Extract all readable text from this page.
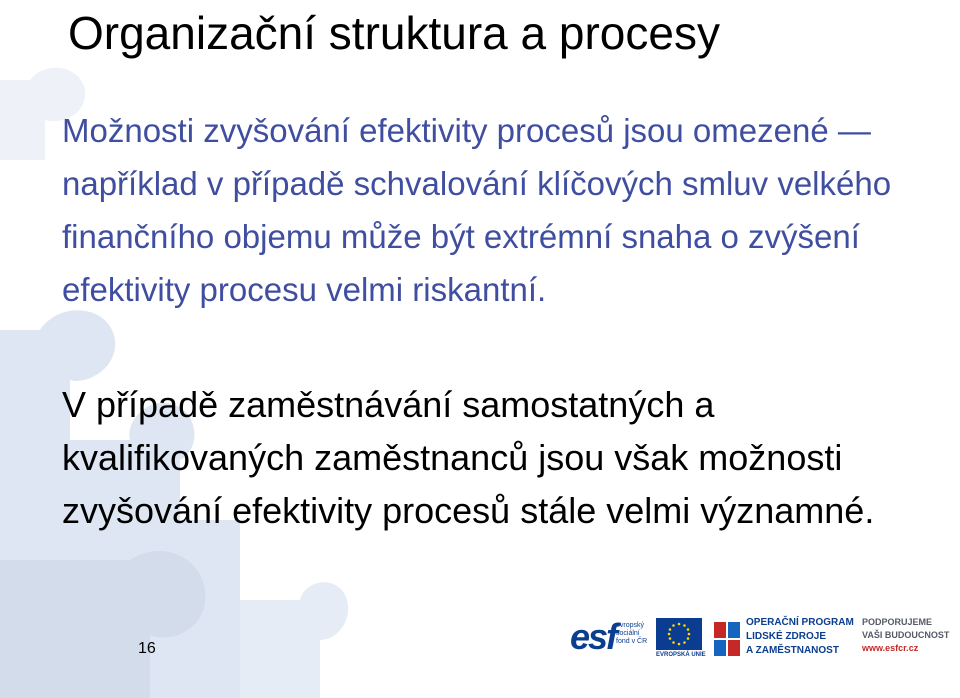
Organizační struktura a procesy

Možnosti zvyšování efektivity procesů jsou omezené — například v případě schvalování klíčových smluv velkého finančního objemu může být extrémní snaha o zvýšení efektivity procesu velmi riskantní.

V případě zaměstnávání samostatných a kvalifikovaných zaměstnanců jsou však možnosti zvyšování efektivity procesů stále velmi významné.

16	esf evropský
sociální
fond v ČR
EVROPSKÁ UNIE
OPERAČNÍ PROGRAM
LIDSKÉ ZDROJE
A ZAMĚSTNANOST
PODPORUJEME
VAŠI BUDOUCNOST
www.esfcr.cz
